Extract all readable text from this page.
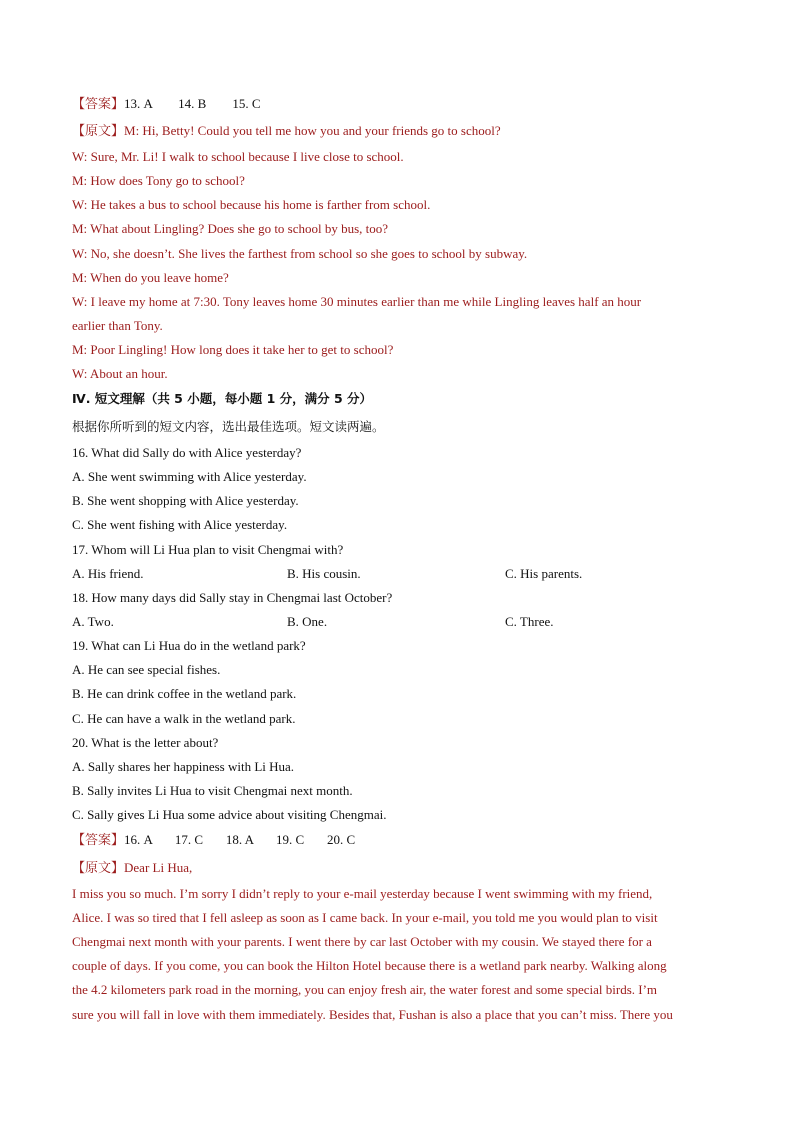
【答案】13. A        14. B        15. C
【原文】M: Hi, Betty! Could you tell me how you and your friends go to school?
W: Sure, Mr. Li! I walk to school because I live close to school.
M: How does Tony go to school?
W: He takes a bus to school because his home is farther from school.
M: What about Lingling? Does she go to school by bus, too?
W: No, she doesn’t. She lives the farthest from school so she goes to school by subway.
M: When do you leave home?
W: I leave my home at 7:30. Tony leaves home 30 minutes earlier than me while Lingling leaves half an hour
earlier than Tony.
M: Poor Lingling! How long does it take her to get to school?
W: About an hour.
Ⅳ. 短文理解（共 5 小题，每小题 1 分，满分 5 分）
根据你所听到的短文内容，选出最佳选项。短文读两遍。
16. What did Sally do with Alice yesterday?
A. She went swimming with Alice yesterday.
B. She went shopping with Alice yesterday.
C. She went fishing with Alice yesterday.
17. Whom will Li Hua plan to visit Chengmai with?
A. His friend.	B. His cousin.	C. His parents.
18. How many days did Sally stay in Chengmai last October?
A. Two.	B. One.	C. Three.
19. What can Li Hua do in the wetland park?
A. He can see special fishes.
B. He can drink coffee in the wetland park.
C. He can have a walk in the wetland park.
20. What is the letter about?
A. Sally shares her happiness with Li Hua.
B. Sally invites Li Hua to visit Chengmai next month.
C. Sally gives Li Hua some advice about visiting Chengmai.
【答案】16. A       17. C       18. A       19. C       20. C
【原文】Dear Li Hua,
I miss you so much. I’m sorry I didn’t reply to your e-mail yesterday because I went swimming with my friend,
Alice. I was so tired that I fell asleep as soon as I came back. In your e-mail, you told me you would plan to visit
Chengmai next month with your parents. I went there by car last October with my cousin. We stayed there for a
couple of days. If you come, you can book the Hilton Hotel because there is a wetland park nearby. Walking along
the 4.2 kilometers park road in the morning, you can enjoy fresh air, the water forest and some special birds. I’m
sure you will fall in love with them immediately. Besides that, Fushan is also a place that you can’t miss. There you
